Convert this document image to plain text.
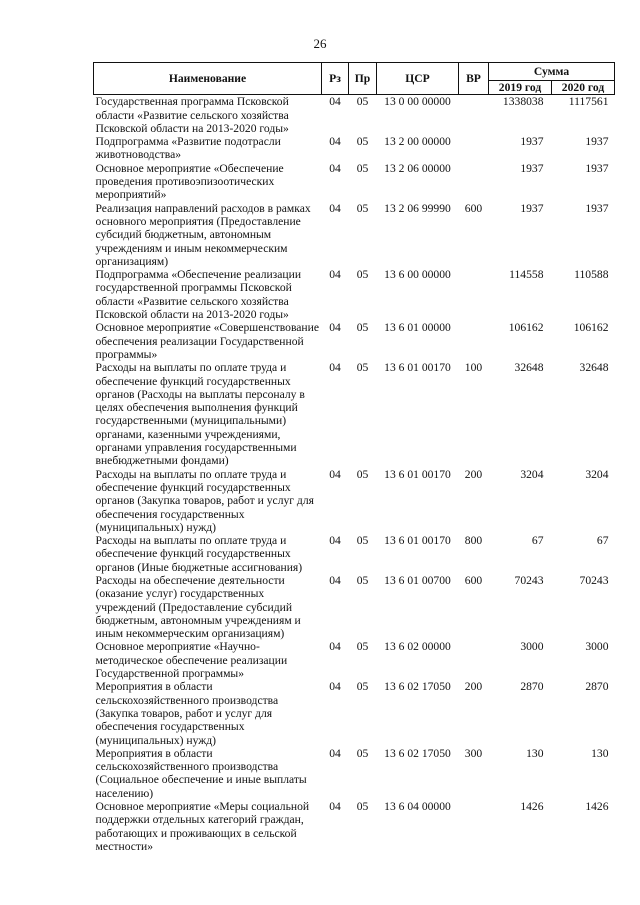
26
Наименование	Рз	Пр	ЦСР	ВР	Сумма	
					2019 год	2020 год
Государственная программа Псковской области «Развитие сельского хозяйства Псковской области на 2013-2020 годы»	04	05	13 0 00 00000		1338038	1117561
Подпрограмма «Развитие подотрасли животноводства»	04	05	13 2 00 00000		1937	1937
Основное мероприятие «Обеспечение проведения противоэпизоотических мероприятий»	04	05	13 2 06 00000		1937	1937
Реализация направлений расходов в рамках основного мероприятия (Предоставление субсидий бюджетным, автономным учреждениям и иным некоммерческим организациям)	04	05	13 2 06 99990	600	1937	1937
Подпрограмма «Обеспечение реализации государственной программы Псковской области «Развитие сельского хозяйства Псковской области на 2013-2020 годы»	04	05	13 6 00 00000		114558	110588
Основное мероприятие «Совершенствование обеспечения реализации Государственной программы»	04	05	13 6 01 00000		106162	106162
Расходы на выплаты по оплате труда и обеспечение функций государственных органов (Расходы на выплаты персоналу в целях обеспечения выполнения функций государственными (муниципальными) органами, казенными учреждениями, органами управления государственными внебюджетными фондами)	04	05	13 6 01 00170	100	32648	32648
Расходы на выплаты по оплате труда и обеспечение функций государственных органов (Закупка товаров, работ и услуг для обеспечения государственных (муниципальных) нужд)	04	05	13 6 01 00170	200	3204	3204
Расходы на выплаты по оплате труда и обеспечение функций государственных органов (Иные бюджетные ассигнования)	04	05	13 6 01 00170	800	67	67
Расходы на обеспечение деятельности (оказание услуг) государственных учреждений (Предоставление субсидий бюджетным, автономным учреждениям и иным некоммерческим организациям)	04	05	13 6 01 00700	600	70243	70243
Основное мероприятие «Научно-методическое обеспечение реализации Государственной программы»	04	05	13 6 02 00000		3000	3000
Мероприятия в области сельскохозяйственного производства (Закупка товаров, работ и услуг для обеспечения государственных (муниципальных) нужд)	04	05	13 6 02 17050	200	2870	2870
Мероприятия в области сельскохозяйственного производства (Социальное обеспечение и иные выплаты населению)	04	05	13 6 02 17050	300	130	130
Основное мероприятие «Меры социальной поддержки отдельных категорий граждан, работающих и проживающих в сельской местности»	04	05	13 6 04 00000		1426	1426
